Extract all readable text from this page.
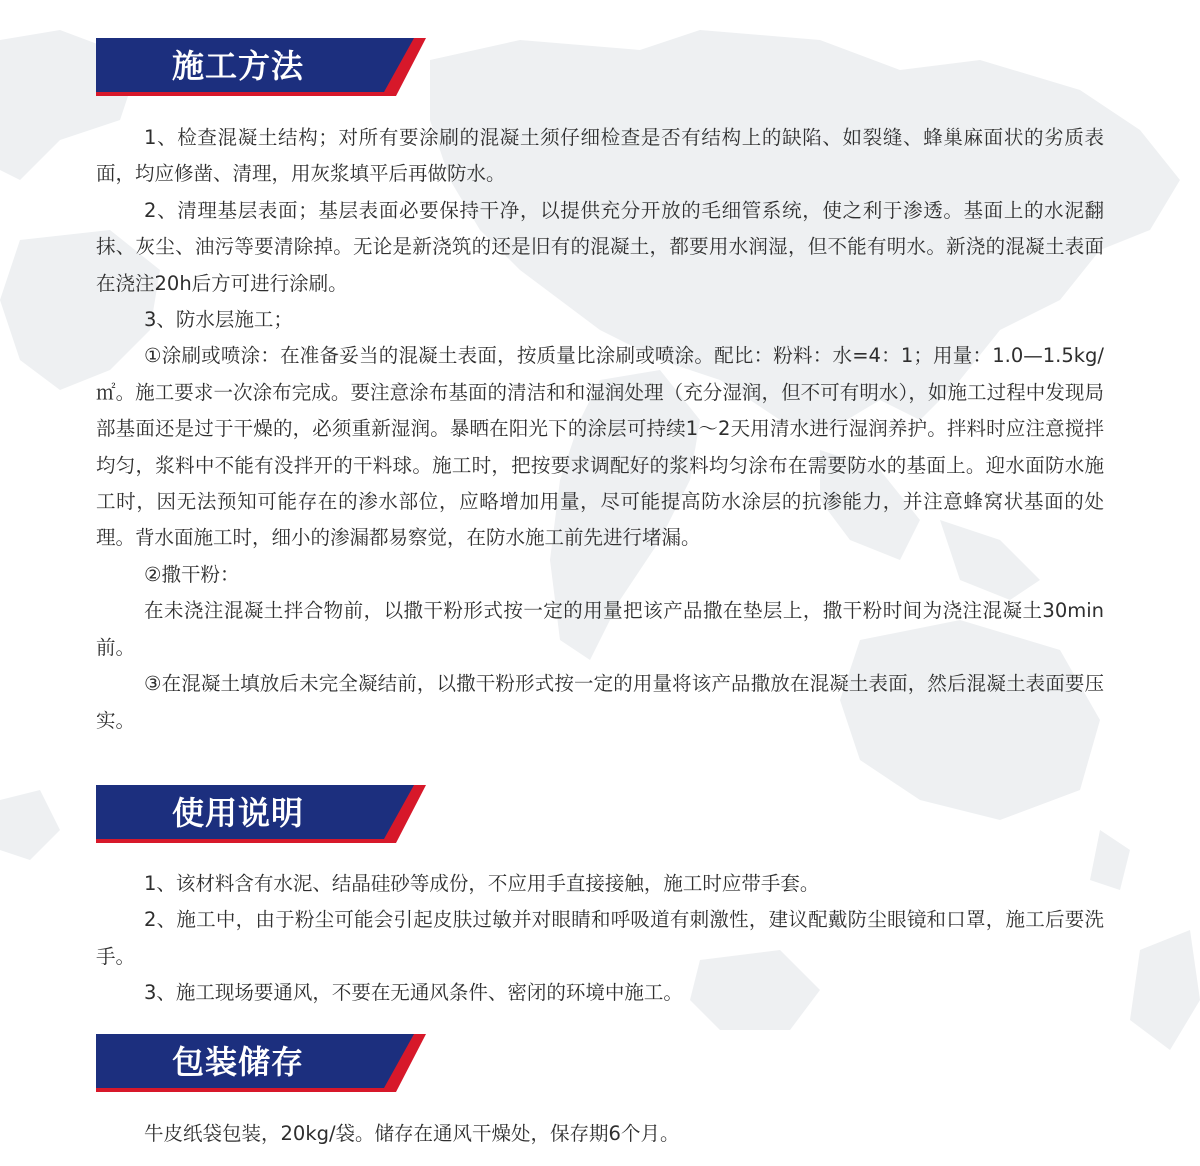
施工方法

1、检查混凝土结构；对所有要涂刷的混凝土须仔细检查是否有结构上的缺陷、如裂缝、蜂巢麻面状的劣质表面，均应修凿、清理，用灰浆填平后再做防水。

2、清理基层表面；基层表面必要保持干净，以提供充分开放的毛细管系统，使之利于渗透。基面上的水泥翻抹、灰尘、油污等要清除掉。无论是新浇筑的还是旧有的混凝土，都要用水润湿，但不能有明水。新浇的混凝土表面在浇注20h后方可进行涂刷。

3、防水层施工；

①涂刷或喷涂：在准备妥当的混凝土表面，按质量比涂刷或喷涂。配比：粉料：水=4：1；用量：1.0—1.5kg/㎡。施工要求一次涂布完成。要注意涂布基面的清洁和和湿润处理（充分湿润，但不可有明水），如施工过程中发现局部基面还是过于干燥的，必须重新湿润。暴晒在阳光下的涂层可持续1～2天用清水进行湿润养护。拌料时应注意搅拌均匀，浆料中不能有没拌开的干料球。施工时，把按要求调配好的浆料均匀涂布在需要防水的基面上。迎水面防水施工时，因无法预知可能存在的渗水部位，应略增加用量，尽可能提高防水涂层的抗渗能力，并注意蜂窝状基面的处理。背水面施工时，细小的渗漏都易察觉，在防水施工前先进行堵漏。

②撒干粉：

在未浇注混凝土拌合物前，以撒干粉形式按一定的用量把该产品撒在垫层上，撒干粉时间为浇注混凝土30min前。

③在混凝土填放后未完全凝结前，以撒干粉形式按一定的用量将该产品撒放在混凝土表面，然后混凝土表面要压实。

使用说明

1、该材料含有水泥、结晶硅砂等成份，不应用手直接接触，施工时应带手套。

2、施工中，由于粉尘可能会引起皮肤过敏并对眼睛和呼吸道有刺激性，建议配戴防尘眼镜和口罩，施工后要洗手。

3、施工现场要通风，不要在无通风条件、密闭的环境中施工。

包装储存

牛皮纸袋包装，20kg/袋。储存在通风干燥处，保存期6个月。
